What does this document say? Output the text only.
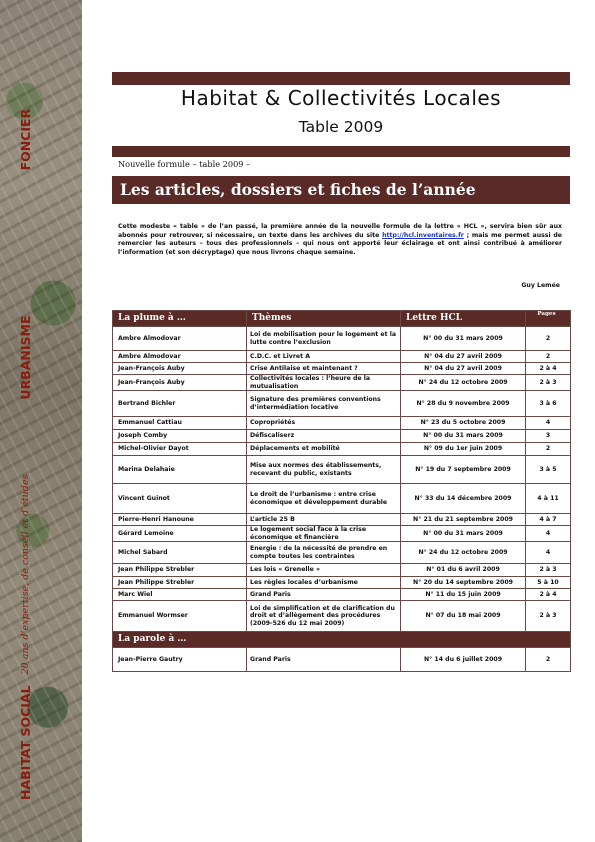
HABITAT SOCIAL 20 ans d’expertise, de conseil et d’études URBANISME FONCIER
Habitat & Collectivités Locales
Table 2009
Nouvelle formule – table 2009 –
Les articles, dossiers et fiches de l’année
Cette modeste « table » de l’an passé, la première année de la nouvelle formule de la lettre « HCL », servira bien sûr aux abonnés pour retrouver, si nécessaire, un texte dans les archives du site http://hcl.inventaires.fr ; mais me permet aussi de remercier les auteurs – tous des professionnels – qui nous ont apporté leur éclairage et ont ainsi contribué à améliorer l’information (et son décryptage) que nous livrons chaque semaine.
Guy Lemée
La plume à …	Thèmes	Lettre HCL	Pages
Ambre Almodovar	Loi de mobilisation pour le logement et la lutte contre l’exclusion	N° 00 du 31 mars 2009	2
Ambre Almodovar	C.D.C. et Livret A	N° 04 du 27 avril 2009	2
Jean-François Auby	Crise Antilaise et maintenant ?	N° 04 du 27 avril 2009	2 à 4
Jean-François Auby	Collectivités locales : l’heure de la mutualisation	N° 24 du 12 octobre 2009	2 à 3
Bertrand Bichler	Signature des premières conventions d’intermédiation locative	N° 28 du 9 novembre 2009	3 à 6
Emmanuel Cattiau	Copropriétés	N° 23 du 5 octobre 2009	4
Joseph Comby	Défiscaliserz	N° 00 du 31 mars 2009	3
Michel-Olivier Dayot	Déplacements et mobilité	N° 09 du 1er juin 2009	2
Marina Delahaie	Mise aux normes des établissements, recevant du public, existants	N° 19 du 7 septembre 2009	3 à 5
Vincent Guinot	Le droit de l’urbanisme : entre crise économique et développement durable	N° 33 du 14 décembre 2009	4 à 11
Pierre-Henri Hanoune	L’article 25 B	N° 21 du 21 septembre 2009	4 à 7
Gérard Lemoine	Le logement social face à la crise économique et financière	N° 00 du 31 mars 2009	4
Michel Sabard	Energie : de la nécessité de prendre en compte toutes les contraintes	N° 24 du 12 octobre 2009	4
Jean Philippe Strebler	Les lois « Grenelle »	N° 01 du 6 avril 2009	2 à 3
Jean Philippe Strebler	Les règles locales d’urbanisme	N° 20 du 14 septembre 2009	5 à 10
Marc Wiel	Grand Paris	N° 11 du 15 juin 2009	2 à 4
Emmanuel Wormser	Loi de simplification et de clarification du droit et d’allègement des procédures (2009-526 du 12 mai 2009)	N° 07 du 18 mai 2009	2 à 3
La parole à …			
Jean-Pierre Gautry	Grand Paris	N° 14 du 6 juillet 2009	2
